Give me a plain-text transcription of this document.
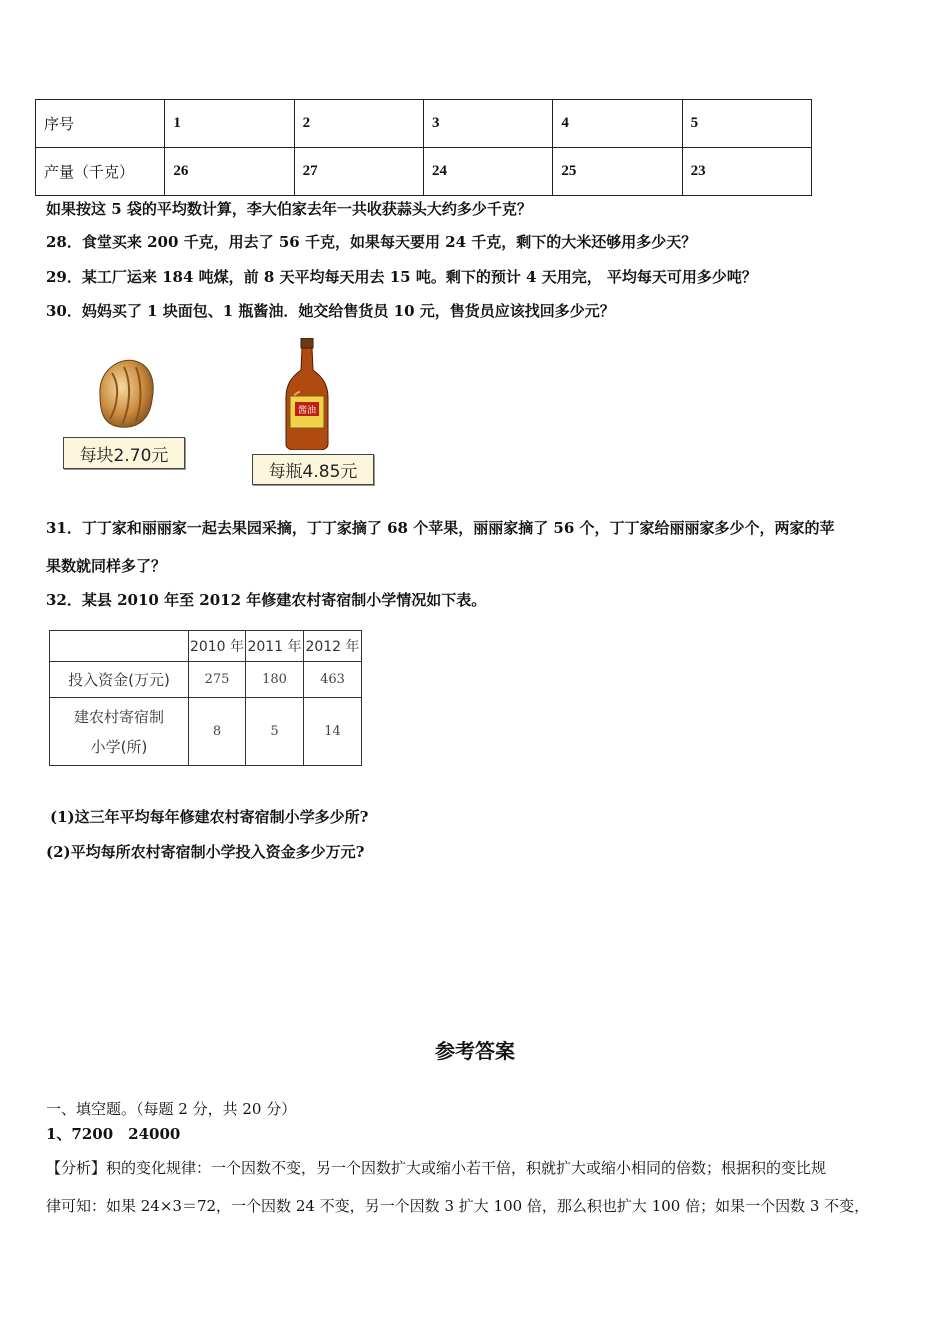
序号	1	2	3	4	5
产量（千克）	26	27	24	25	23
如果按这 5 袋的平均数计算，李大伯家去年一共收获蒜头大约多少千克？
28．食堂买来 200 千克，用去了 56 千克，如果每天要用 24 千克，剩下的大米还够用多少天？
29．某工厂运来 184 吨煤，前 8 天平均每天用去 15 吨。剩下的预计 4 天用完， 平均每天可用多少吨？
30．妈妈买了 1 块面包、1 瓶酱油．她交给售货员 10 元，售货员应该找回多少元？
每块2.70元
酱油
每瓶4.85元
31．丁丁家和丽丽家一起去果园采摘，丁丁家摘了 68 个苹果，丽丽家摘了 56 个，丁丁家给丽丽家多少个，两家的苹
果数就同样多了？
32．某县 2010 年至 2012 年修建农村寄宿制小学情况如下表。
	2010 年	2011 年	2012 年
投入资金(万元)	275	180	463

建农村寄宿制
小学(所)	8	5	14
(1)这三年平均每年修建农村寄宿制小学多少所?
(2)平均每所农村寄宿制小学投入资金多少万元?
参考答案
一、填空题。（每题 2 分，共 20 分）
1、7200　24000
【分析】积的变化规律：一个因数不变，另一个因数扩大或缩小若干倍，积就扩大或缩小相同的倍数；根据积的变比规
律可知：如果 24×3＝72，一个因数 24 不变，另一个因数 3 扩大 100 倍，那么积也扩大 100 倍；如果一个因数 3 不变，
